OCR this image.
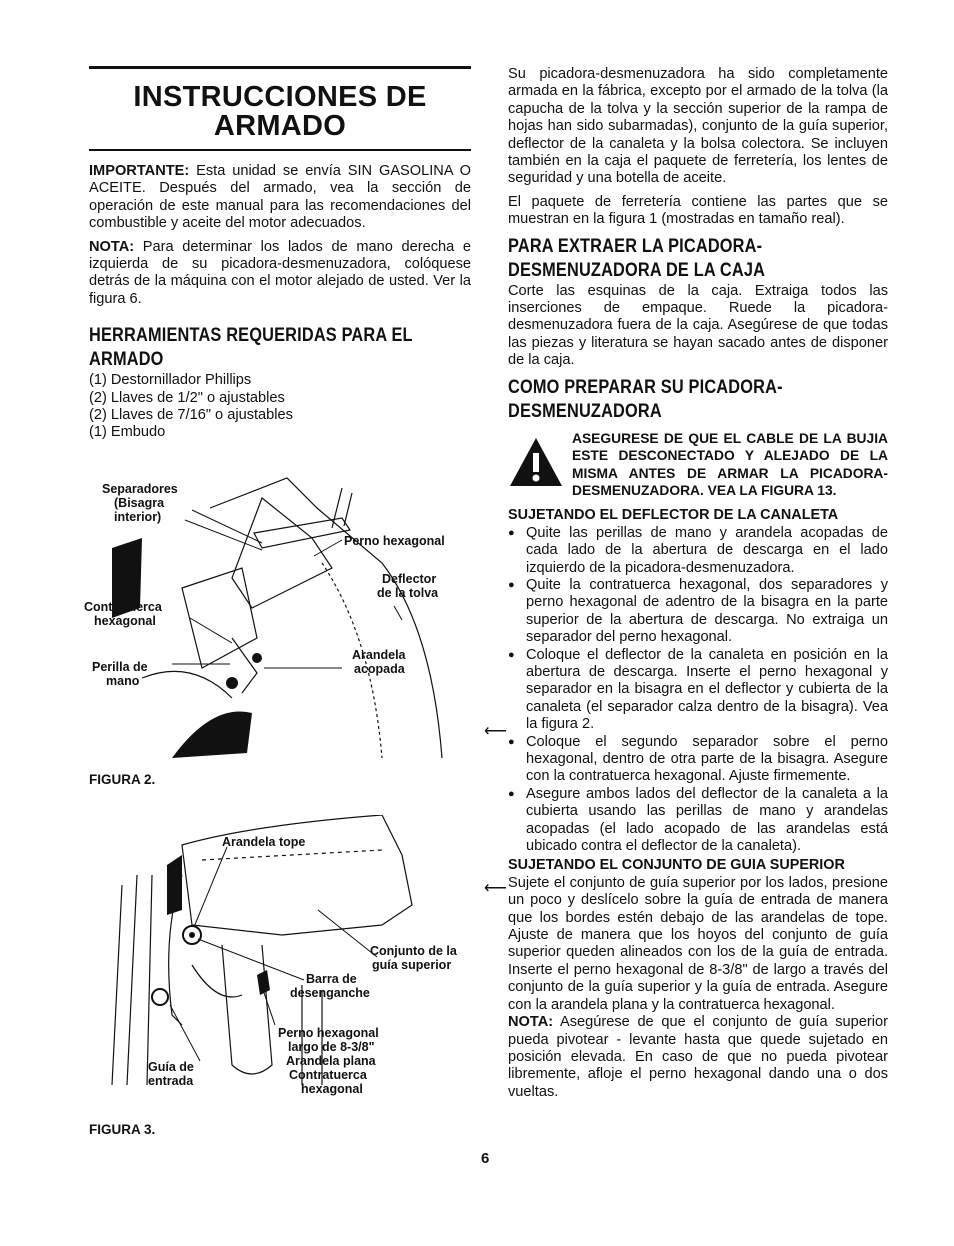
INSTRUCCIONES DE ARMADO

IMPORTANTE: Esta unidad se envía SIN GASOLINA O ACEITE. Después del armado, vea la sección de operación de este manual para las recomendaciones del combustible y aceite del motor adecuados.

NOTA: Para determinar los lados de mano derecha e izquierda de su picadora-desmenuzadora, colóquese detrás de la máquina con el motor alejado de usted. Ver la figura 6.

HERRAMIENTAS REQUERIDAS PARA EL ARMADO
(1) Destornillador Phillips
(2) Llaves de 1/2" o ajustables
(2) Llaves de 7/16" o ajustables
(1) Embudo
Separadores
(Bisagra
interior)
Perno hexagonal
Deflector
de la tolva
Contratuerca
hexagonal
Arandela
acopada
Perilla de
mano
FIGURA 2.
Arandela tope
Conjunto de la
guía superior
Barra de
desenganche
Perno hexagonal
largo de 8-3/8"
Arandela plana
Contratuerca
hexagonal
Guía de
entrada
FIGURA 3.

Su picadora-desmenuzadora ha sido completamente armada en la fábrica, excepto por el armado de la tolva (la capucha de la tolva y la sección superior de la rampa de hojas han sido subarmadas), conjunto de la guía superior, deflector de la canaleta y la bolsa colectora. Se incluyen también en la caja el paquete de ferretería, los lentes de seguridad y una botella de aceite.

El paquete de ferretería contiene las partes que se muestran en la figura 1 (mostradas en tamaño real).

PARA EXTRAER LA PICADORA-DESMENUZADORA DE LA CAJA

Corte las esquinas de la caja. Extraiga todos las inserciones de empaque. Ruede la picadora-desmenuzadora fuera de la caja. Asegúrese de que todas las piezas y literatura se hayan sacado antes de disponer de la caja.

COMO PREPARAR SU PICADORA-DESMENUZADORA
ASEGURESE DE QUE EL CABLE DE LA BUJIA ESTE DESCONECTADO Y ALEJADO DE LA MISMA ANTES DE ARMAR LA PICADORA-DESMENUZADORA. VEA LA FIGURA 13.
SUJETANDO EL DEFLECTOR DE LA CANALETA
● Quite las perillas de mano y arandela acopadas de cada lado de la abertura de descarga en el lado izquierdo de la picadora-desmenuzadora.
● Quite la contratuerca hexagonal, dos separadores y perno hexagonal de adentro de la bisagra en la parte superior de la abertura de descarga. No extraiga un separador del perno hexagonal.
● Coloque el deflector de la canaleta en posición en la abertura de descarga. Inserte el perno hexagonal y separador en la bisagra en el deflector y cubierta de la canaleta (el separador calza dentro de la bisagra). Vea la figura 2.
● Coloque el segundo separador sobre el perno hexagonal, dentro de otra parte de la bisagra. Asegure con la contratuerca hexagonal. Ajuste firmemente.
● Asegure ambos lados del deflector de la canaleta a la cubierta usando las perillas de mano y arandelas acopadas (el lado acopado de las arandelas está ubicado contra el deflector de la canaleta).
SUJETANDO EL CONJUNTO DE GUIA SUPERIOR

Sujete el conjunto de guía superior por los lados, presione un poco y deslícelo sobre la guía de entrada de manera que los bordes estén debajo de las arandelas de tope. Ajuste de manera que los hoyos del conjunto de guía superior queden alineados con los de la guía de entrada. Inserte el perno hexagonal de 8-3/8" de largo a través del conjunto de la guía superior y la guía de entrada. Asegure con la arandela plana y la contratuerca hexagonal.

NOTA: Asegúrese de que el conjunto de guía superior pueda pivotear - levante hasta que quede sujetado en posición elevada. En caso de que no pueda pivotear libremente, afloje el perno hexagonal dando una o dos vueltas.

⟵
⟵
6
